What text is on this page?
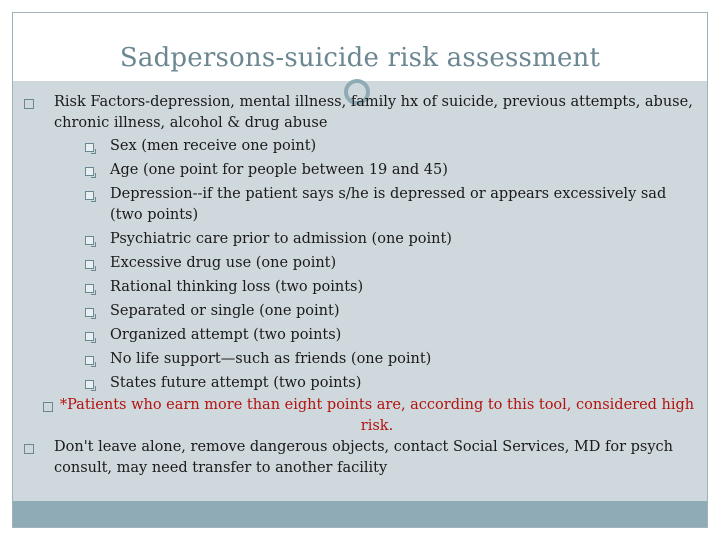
Sadpersons-suicide risk assessment
Risk Factors-depression, mental illness, family hx of suicide, previous attempts, abuse, chronic illness, alcohol & drug abuse
Sex (men receive one point)
Age (one point for people between 19 and 45)
Depression--if the patient says s/he is depressed or appears excessively sad (two points)
Psychiatric care prior to admission (one point)
Excessive drug use (one point)
Rational thinking loss (two points)
Separated or single (one point)
Organized attempt (two points)
No life support—such as friends (one point)
States future attempt (two points)
*Patients who earn more than eight points are, according to this tool, considered high risk.
Don't leave alone, remove dangerous objects, contact Social Services, MD for psych consult, may need transfer to another facility
